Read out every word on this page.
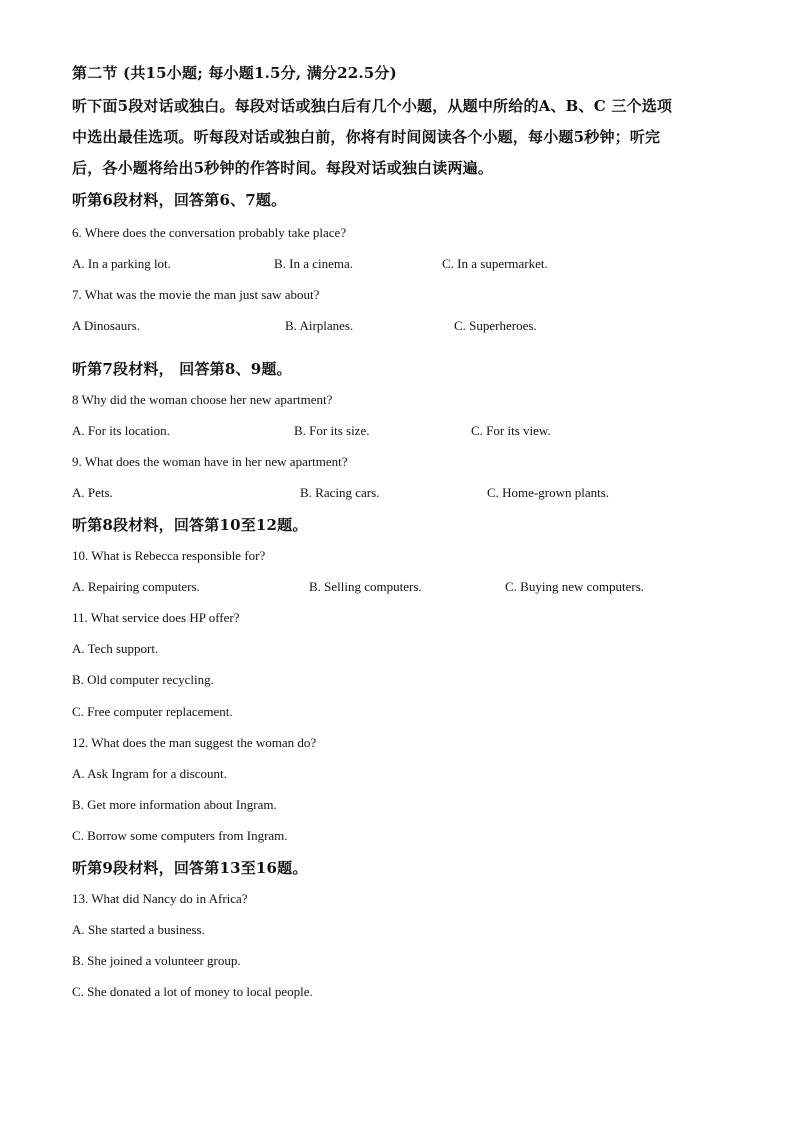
第二节 (共15小题; 每小题1.5分, 满分22.5分)
听下面5段对话或独白。每段对话或独白后有几个小题，从题中所给的A、B、C 三个选项
中选出最佳选项。听每段对话或独白前，你将有时间阅读各个小题，每小题5秒钟；听完
后，各小题将给出5秒钟的作答时间。每段对话或独白读两遍。
听第6段材料，回答第6、7题。
6. Where does the conversation probably take place?
A. In a parking lot.	B. In a cinema.	C. In a supermarket.
7. What was the movie the man just saw about?
A Dinosaurs.	B. Airplanes.	C. Superheroes.
听第7段材料， 回答第8、9题。
8 Why did the woman choose her new apartment?
A. For its location.	B. For its size.	C. For its view.
9. What does the woman have in her new apartment?
A. Pets.	B. Racing cars.	C. Home-grown plants.
听第8段材料，回答第10至12题。
10. What is Rebecca responsible for?
A. Repairing computers.	B. Selling computers.	C. Buying new computers.
11. What service does HP offer?
A. Tech support.
B. Old computer recycling.
C. Free computer replacement.
12. What does the man suggest the woman do?
A. Ask Ingram for a discount.
B. Get more information about Ingram.
C. Borrow some computers from Ingram.
听第9段材料，回答第13至16题。
13. What did Nancy do in Africa?
A. She started a business.
B. She joined a volunteer group.
C. She donated a lot of money to local people.
